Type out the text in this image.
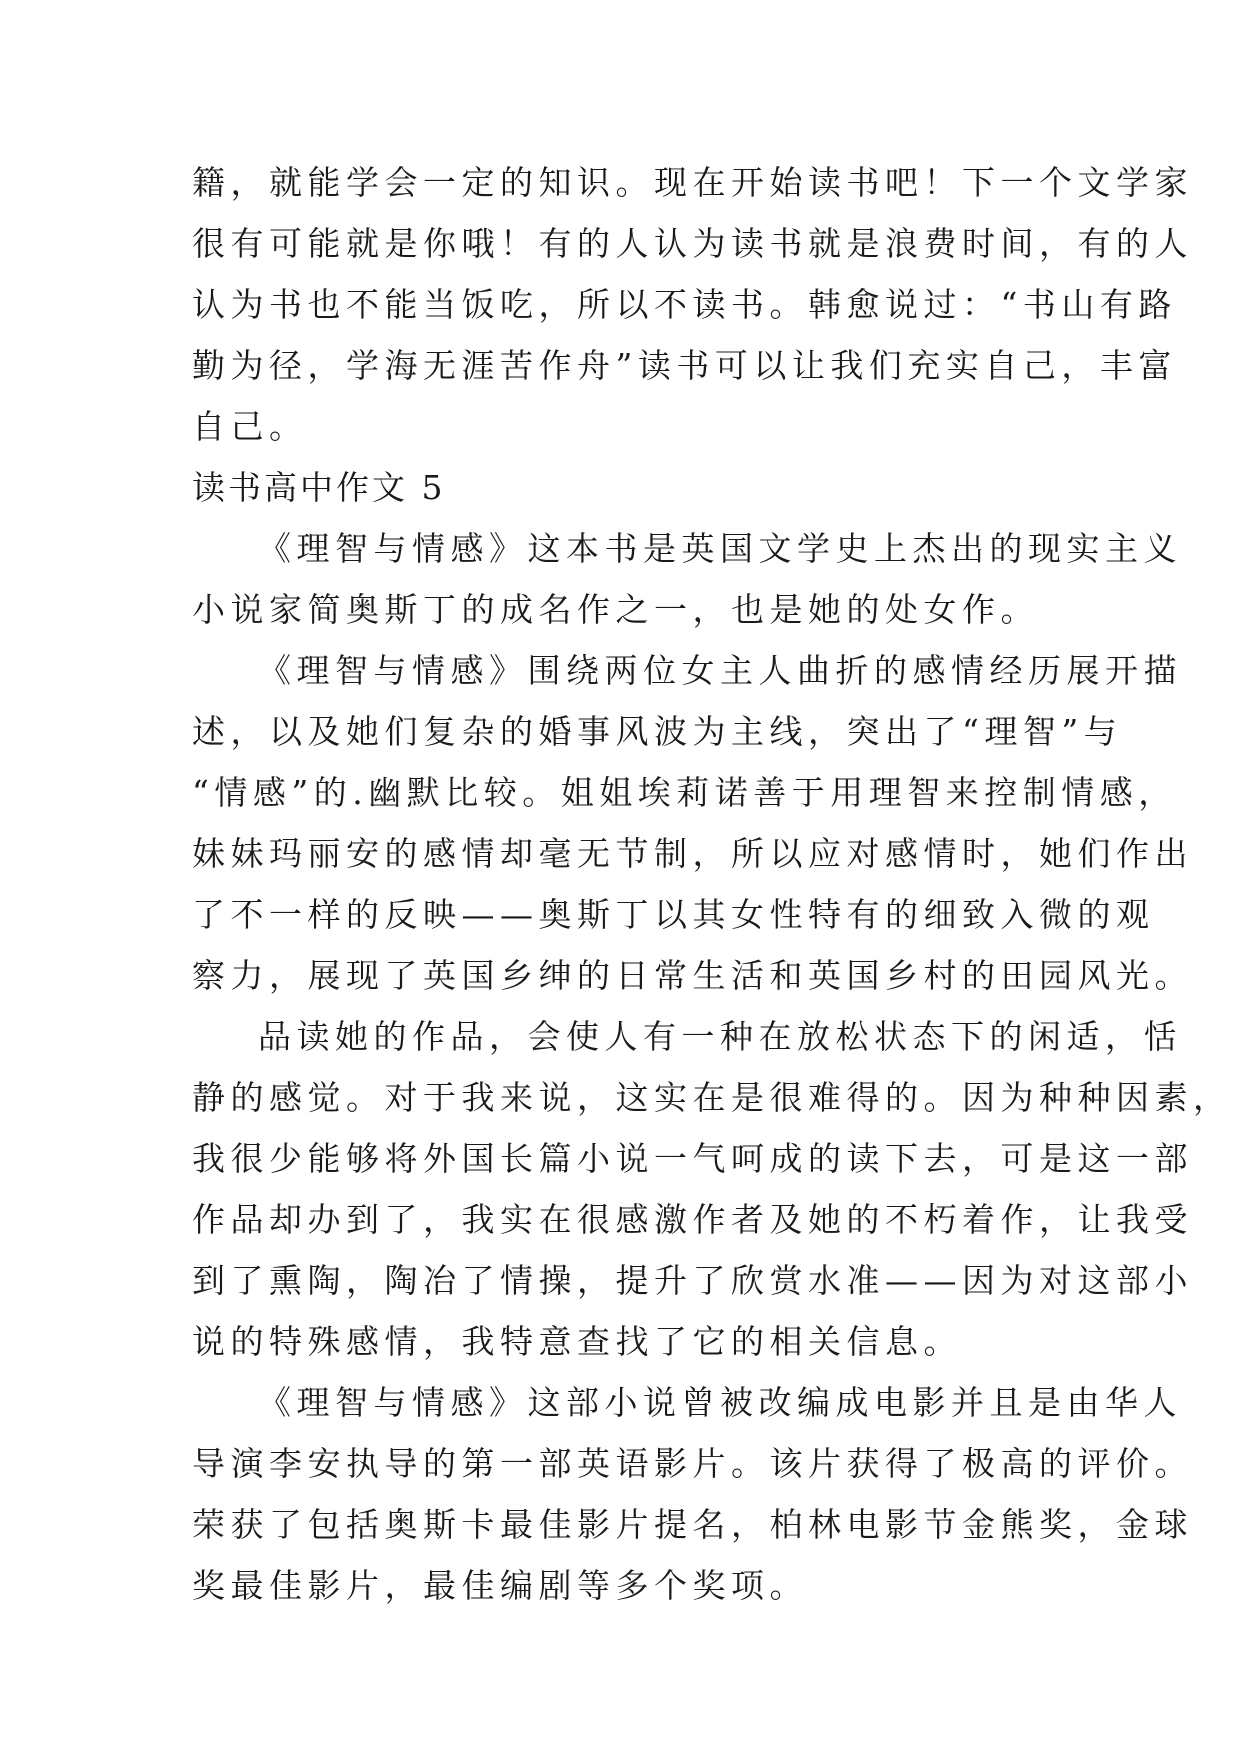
籍，就能学会一定的知识。现在开始读书吧！下一个文学家
很有可能就是你哦！有的人认为读书就是浪费时间，有的人
认为书也不能当饭吃，所以不读书。韩愈说过：“书山有路
勤为径，学海无涯苦作舟”读书可以让我们充实自己，丰富
自己。

读书高中作文 5

《理智与情感》这本书是英国文学史上杰出的现实主义
小说家简奥斯丁的成名作之一，也是她的处女作。

《理智与情感》围绕两位女主人曲折的感情经历展开描
述，以及她们复杂的婚事风波为主线，突出了“理智”与
“情感”的.幽默比较。姐姐埃莉诺善于用理智来控制情感，
妹妹玛丽安的感情却毫无节制，所以应对感情时，她们作出
了不一样的反映——奥斯丁以其女性特有的细致入微的观
察力，展现了英国乡绅的日常生活和英国乡村的田园风光。

品读她的作品，会使人有一种在放松状态下的闲适，恬
静的感觉。对于我来说，这实在是很难得的。因为种种因素，
我很少能够将外国长篇小说一气呵成的读下去，可是这一部
作品却办到了，我实在很感激作者及她的不朽着作，让我受
到了熏陶，陶冶了情操，提升了欣赏水准——因为对这部小
说的特殊感情，我特意查找了它的相关信息。

《理智与情感》这部小说曾被改编成电影并且是由华人
导演李安执导的第一部英语影片。该片获得了极高的评价。
荣获了包括奥斯卡最佳影片提名，柏林电影节金熊奖，金球
奖最佳影片，最佳编剧等多个奖项。
